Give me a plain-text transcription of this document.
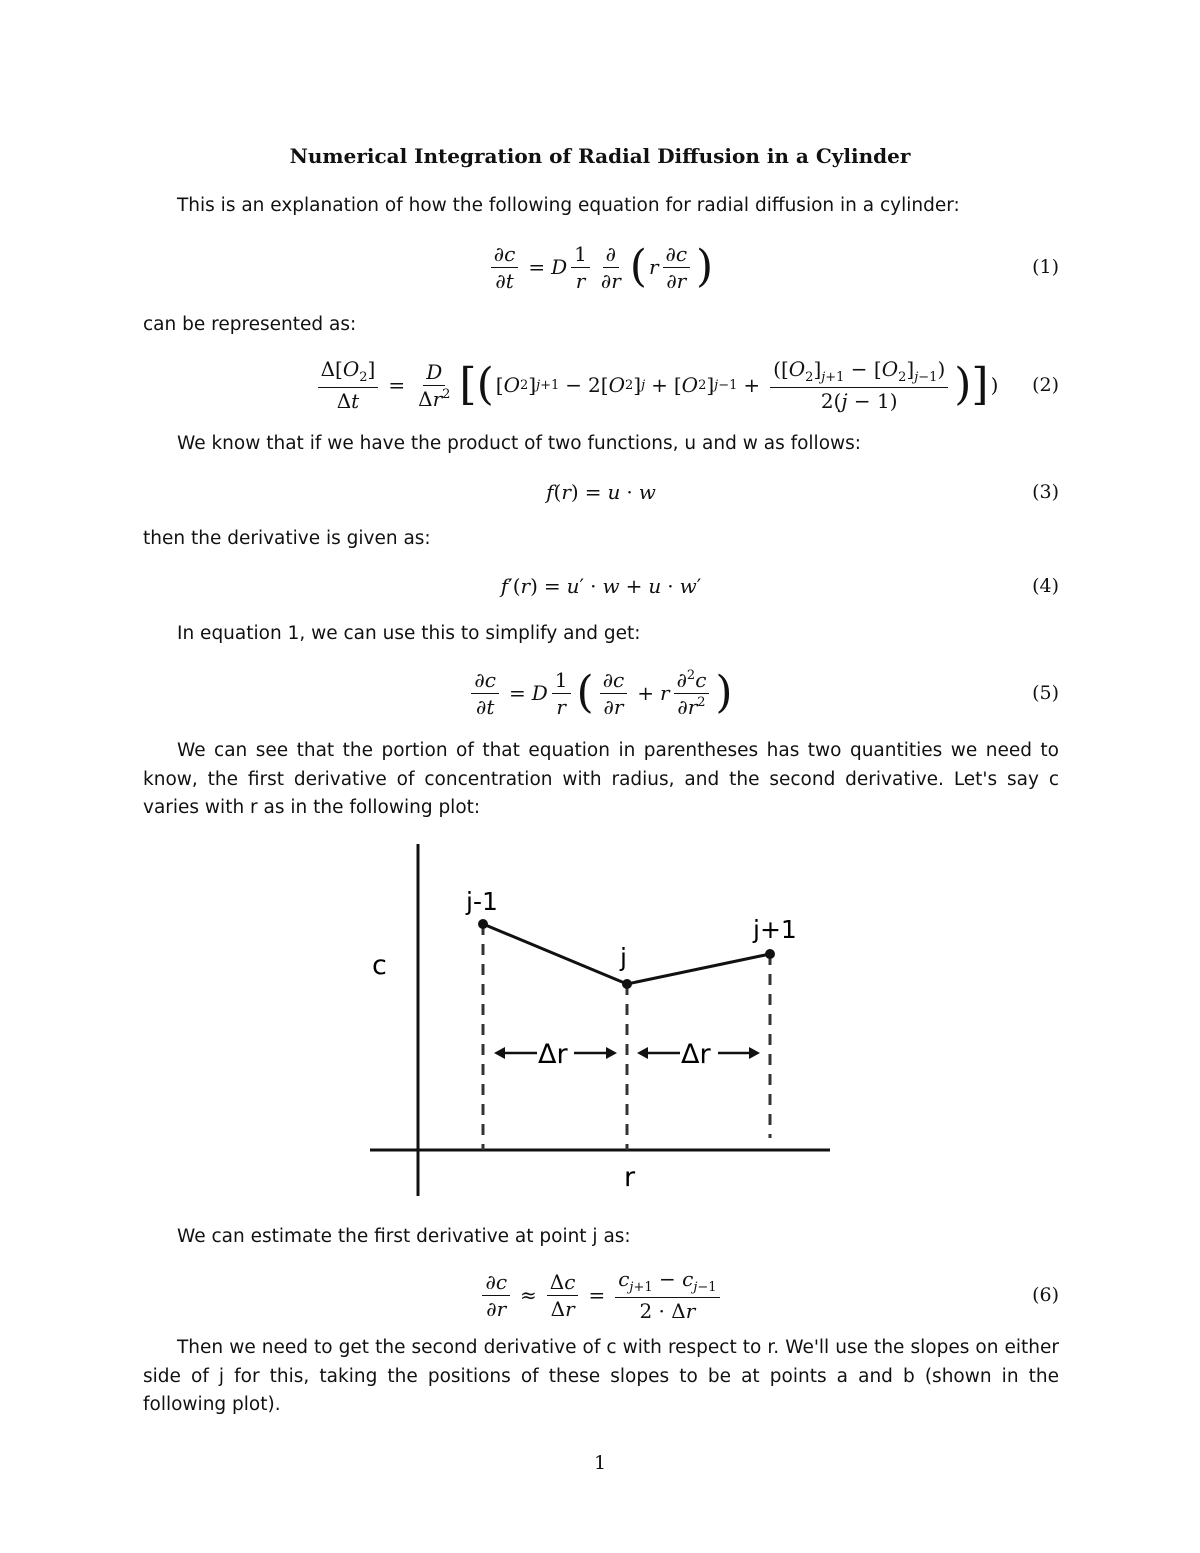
Numerical Integration of Radial Diffusion in a Cylinder
This is an explanation of how the following equation for radial diffusion in a cylinder:
$\frac{\partial c}{\partial t} = D \frac{1}{r} \frac{\partial}{\partial r}$ ( r $\frac{\partial c}{\partial r}$ )	(1)
can be represented as:
$\frac{\Delta[O_2]}{\Delta t} = \frac{D}{\Delta r^2}$ [( [ O 2 ] j+1 − 2[ O 2 ] j + [ O 2 ] $j-1 + \frac{([O_2]_{j+1} - [O_2]_{j-1})}{2(j - 1)}$ )] ) (2)
We know that if we have the product of two functions, u and w as follows:
f ( r ) = u · w	(3)
then the derivative is given as:
f ′( r ) = u ′ · w + u · w ′	(4)
In equation 1, we can use this to simplify and get:
$\frac{\partial c}{\partial t} = D \frac{1}{r}$ ( $\frac{\partial c}{\partial r} + r \frac{\partial^2c}{\partial r^2}$ )	(5)
We can see that the portion of that equation in parentheses has two quantities we need to know, the first derivative of concentration with radius, and the second derivative. Let's say c varies with r as in the following plot:
j-1
j
j+1
c
r
Δr	Δr
We can estimate the first derivative at point j as:
$\frac{\partial c}{\partial r} \approx \frac{\Delta c}{\Delta r} = \frac{c_{j+1} - c_{j-1}}{2 \cdot \Delta r}$	(6)
Then we need to get the second derivative of c with respect to r. We'll use the slopes on either side of j for this, taking the positions of these slopes to be at points a and b (shown in the following plot).
1
